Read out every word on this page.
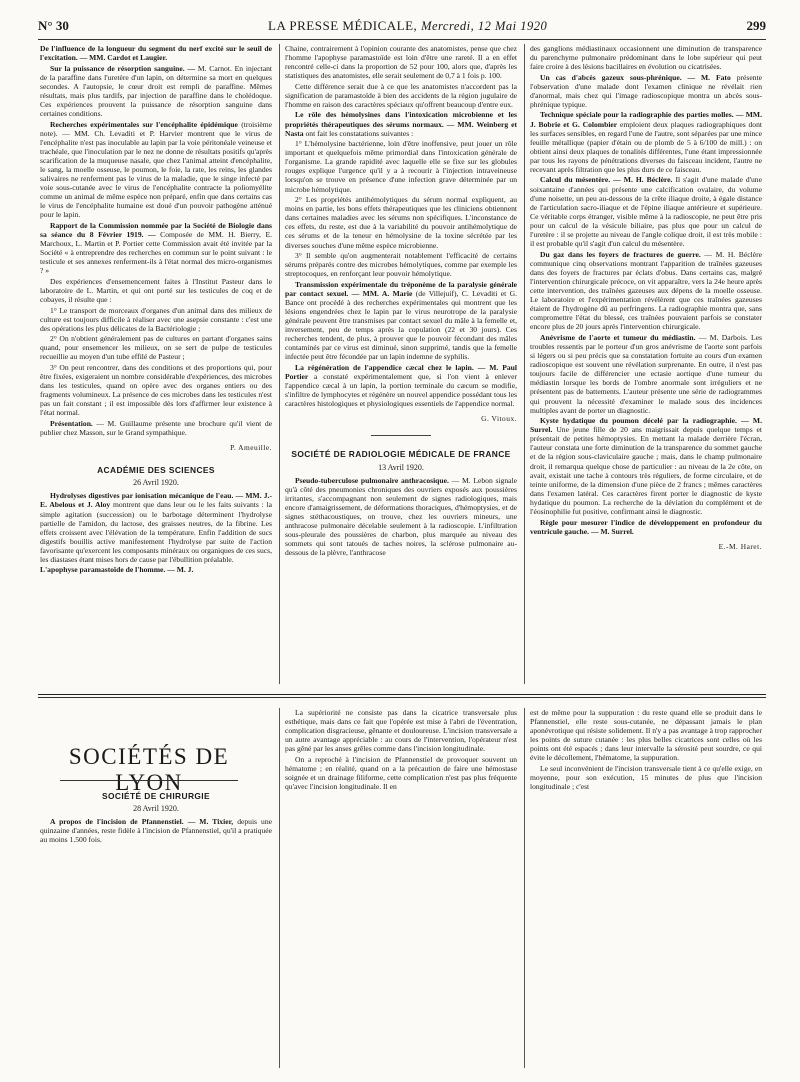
N° 30	LA PRESSE MÉDICALE, Mercredi, 12 Mai 1920	299

De l'influence de la longueur du segment du nerf excité sur le seuil de l'excitation. — MM. Cardot et Laugier.

Sur la puissance de résorption sanguine. — M. Carnot. En injectant de la paraffine dans l'uretère d'un lapin, on détermine sa mort en quelques secondes. A l'autopsie, le cœur droit est rempli de paraffine. Mêmes résultats, mais plus tardifs, par injection de paraffine dans le cholédoque. Ces expériences prouvent la puissance de résorption sanguine dans certaines conditions.

Recherches expérimentales sur l'encéphalite épidémique (troisième note). — MM. Ch. Levaditi et P. Harvier montrent que le virus de l'encéphalite n'est pas inoculable au lapin par la voie péritonéale veineuse et trachéale, que l'inoculation par le nez ne donne de résultats positifs qu'après scarification de la muqueuse nasale, que chez l'animal atteint d'encéphalite, le sang, la moelle osseuse, le poumon, le foie, la rate, les reins, les glandes salivaires ne renferment pas le virus de la maladie, que le singe infecté par voie sous-cutanée avec le virus de l'encéphalite contracte la poliomyélite comme un animal de même espèce non préparé, enfin que dans certains cas le virus de l'encéphalite humaine est doué d'un pouvoir pathogène atténué pour le lapin.

Rapport de la Commission nommée par la Société de Biologie dans sa séance du 8 Février 1919. — Composée de MM. H. Bierry, E. Marchoux, L. Martin et P. Portier cette Commission avait été invitée par la Société « à entreprendre des recherches en commun sur le point suivant : le testicule et ses annexes renferment-ils à l'état normal des micro-organismes ? »

Des expériences d'ensemencement faites à l'Institut Pasteur dans le laboratoire de L. Martin, et qui ont porté sur les testicules de coq et de cobayes, il résulte que :

1° Le transport de morceaux d'organes d'un animal dans des milieux de culture est toujours difficile à réaliser avec une asepsie constante : c'est une des opérations les plus délicates de la Bactériologie ;

2° On n'obtient généralement pas de cultures en partant d'organes sains quand, pour ensemencer les milieux, on se sert de pulpe de testicules recueillie au moyen d'un tube effilé de Pasteur ;

3° On peut rencontrer, dans des conditions et des proportions qui, pour être fixées, exigeraient un nombre considérable d'expériences, des microbes dans les testicules, quand on opère avec des organes entiers ou des fragments volumineux. La présence de ces microbes dans les testicules n'est pas un fait constant ; il est impossible dès lors d'affirmer leur existence à l'état normal.

Présentation. — M. Guillaume présente une brochure qu'il vient de publier chez Masson, sur le Grand sympathique.

P. Ameuille.

ACADÉMIE DES SCIENCES

26 Avril 1920.

Hydrolyses digestives par ionisation mécanique de l'eau. — MM. J.-E. Abelous et J. Aloy montrent que dans leur ou le les faits suivants : la simple agitation (succession) ou le barbotage déterminent l'hydrolyse partielle de l'amidon, du lactose, des graisses neutres, de la fibrine. Les effets croissent avec l'élévation de la température. Enfin l'addition de sucs digestifs bouillis active manifestement l'hydrolyse par suite de l'action favorisante qu'exercent les composants minéraux ou organiques de ces sucs, les diastases étant mises hors de cause par l'ébullition préalable.

L'apophyse paramastoïde de l'homme. — M. J.

Chaine, contrairement à l'opinion courante des anatomistes, pense que chez l'homme l'apophyse paramastoïde est loin d'être une rareté. Il a en effet rencontré celle-ci dans la proportion de 52 pour 100, alors que, d'après les statistiques des anatomistes, elle serait seulement de 0,7 à 1 fois p. 100.

Cette différence serait due à ce que les anatomistes n'accordent pas la signification de paramastoïde à bien des accidents de la région jugulaire de l'homme en raison des caractères spéciaux qu'offrent beaucoup d'entre eux.

Le rôle des hémolysines dans l'intoxication microbienne et les propriétés thérapeutiques des sérums normaux. — MM. Weinberg et Nasta ont fait les constatations suivantes :

1° L'hémolysine bactérienne, loin d'être inoffensive, peut jouer un rôle important et quelquefois même primordial dans l'intoxication générale de l'organisme. La grande rapidité avec laquelle elle se fixe sur les globules rouges explique l'urgence qu'il y a à recourir à l'injection intraveineuse lorsqu'on se trouve en présence d'une infection grave déterminée par un microbe hémolytique.

2° Les propriétés antihémolytiques du sérum normal expliquent, au moins en partie, les bons effets thérapeutiques que les cliniciens obtiennent dans certaines maladies avec les sérums non spécifiques. L'inconstance de ces effets, du reste, est due à la variabilité du pouvoir antihémolytique de ces sérums et de la teneur en hémolysine de la toxine sécrétée par les diverses souches d'une même espèce microbienne.

3° Il semble qu'on augmenterait notablement l'efficacité de certains sérums préparés contre des microbes hémolytiques, comme par exemple les streptocoques, en renforçant leur pouvoir hémolytique.

Transmission expérimentale du tréponème de la paralysie générale par contact sexuel. — MM. A. Marie (de Villejuif), C. Levaditi et G. Bance ont procédé à des recherches expérimentales qui montrent que les lésions engendrées chez le lapin par le virus neurotrope de la paralysie générale peuvent être transmises par contact sexuel du mâle à la femelle et, inversement, peu de temps après la copulation (22 et 30 jours). Ces recherches tendent, de plus, à prouver que le pouvoir fécondant des mâles contaminés par ce virus est diminué, sinon supprimé, tandis que la femelle infectée peut être fécondée par un lapin indemne de syphilis.

La régénération de l'appendice cæcal chez le lapin. — M. Paul Portier a constaté expérimentalement que, si l'on vient à enlever l'appendice cæcal à un lapin, la portion terminale du cæcum se modifie, s'infiltre de lymphocytes et régénère un nouvel appendice possédant tous les caractères histologiques et physiologiques essentiels de l'appendice normal.

G. Vitoux.

SOCIÉTÉ DE RADIOLOGIE MÉDICALE DE FRANCE

13 Avril 1920.

Pseudo-tuberculose pulmonaire anthracosique. — M. Lebon signale qu'à côté des pneumonies chroniques des ouvriers exposés aux poussières irritantes, s'accompagnant non seulement de signes radiologiques, mais encore d'amaigrissement, de déformations thoraciques, d'hémoptysies, et de signes stéthacoustiques, on trouve, chez les ouvriers mineurs, une anthracose pulmonaire décelable seulement à la radioscopie. L'infiltration sous-pleurale des poussières de charbon, plus marquée au niveau des sommets qui sont tatoués de taches noires, la sclérose pulmonaire au-dessous de la plèvre, l'anthracose

des ganglions médiastinaux occasionnent une diminution de transparence du parenchyme pulmonaire prédominant dans le lobe supérieur qui peut faire croire à des lésions bacillaires en évolution ou cicatrisées.

Un cas d'abcès gazeux sous-phrénique. — M. Fato présente l'observation d'une malade dont l'examen clinique ne révélait rien d'anormal, mais chez qui l'image radioscopique montra un abcès sous-phrénique typique.

Technique spéciale pour la radiographie des parties molles. — MM. J. Bobrie et G. Colombier emploient deux plaques radiographiques dont les surfaces sensibles, en regard l'une de l'autre, sont séparées par une mince feuille métallique (papier d'étain ou de plomb de 5 à 6/100 de mill.) : on obtient ainsi deux plaques de tonalités différentes, l'une étant impressionnée par tous les rayons de pénétrations diverses du faisceau incident, l'autre ne recevant après filtration que les plus durs de ce faisceau.

Calcul du mésentère. — M. H. Béclère. Il s'agit d'une malade d'une soixantaine d'années qui présente une calcification ovalaire, du volume d'une noisette, un peu au-dessous de la crête iliaque droite, à égale distance de l'articulation sacro-iliaque et de l'épine iliaque antérieure et supérieure. Ce véritable corps étranger, visible même à la radioscopie, ne peut être pris pour un calcul de la vésicule biliaire, pas plus que pour un calcul de l'uretère : il se projette au niveau de l'angle colique droit, il est très mobile : il est probable qu'il s'agit d'un calcul du mésentère.

Du gaz dans les foyers de fractures de guerre. — M. H. Béclère communique cinq observations montrant l'apparition de traînées gazeuses dans des foyers de fractures par éclats d'obus. Dans certains cas, malgré l'intervention chirurgicale précoce, on vit apparaître, vers la 24e heure après cette intervention, des traînées gazeuses aux dépens de la moelle osseuse. Le laboratoire et l'expérimentation révélèrent que ces traînées gazeuses étaient de l'hydrogène dû au perfringens. La radiographie montra que, sans compromettre l'état du blessé, ces traînées pouvaient parfois se constater encore plus de 20 jours après l'intervention chirurgicale.

Anévrisme de l'aorte et tumeur du médiastin. — M. Darbois. Les troubles ressentis par le porteur d'un gros anévrisme de l'aorte sont parfois si légers ou si peu précis que sa constatation fortuite au cours d'un examen radioscopique est souvent une révélation surprenante. En outre, il n'est pas toujours facile de différencier une ectasie aortique d'une tumeur du médiastin lorsque les bords de l'ombre anormale sont irréguliers et ne présentent pas de battements. L'auteur présente une série de radiogrammes qui prouvent la nécessité d'examiner le malade sous des incidences multiples avant de porter un diagnostic.

Kyste hydatique du poumon décelé par la radiographie. — M. Surrel. Une jeune fille de 20 ans maigrissait depuis quelque temps et présentait de petites hémoptysies. En mettant la malade derrière l'écran, l'auteur constata une forte diminution de la transparence du sommet gauche et de la région sous-claviculaire gauche ; mais, dans le champ pulmonaire droit, il remarqua quelque chose de particulier : au niveau de la 2e côte, on avait, existait une tache à contours très réguliers, de forme circulaire, et de teinte uniforme, de la dimension d'une pièce de 2 francs ; mêmes caractères dans l'examen latéral. Ces caractères firent porter le diagnostic de kyste hydatique du poumon. La recherche de la déviation du complément et de l'éosinophilie fut positive, confirmant ainsi le diagnostic.

Règle pour mesurer l'indice de développement en profondeur du ventricule gauche. — M. Surrel.

E.-M. Haret.

SOCIÉTÉS DE LYON

SOCIÉTÉ DE CHIRURGIE

28 Avril 1920.

A propos de l'incision de Pfannenstiel. — M. Tixier, depuis une quinzaine d'années, reste fidèle à l'incision de Pfannenstiel, qu'il a pratiquée au moins 1.500 fois.

La supériorité ne consiste pas dans la cicatrice transversale plus esthétique, mais dans ce fait que l'opérée est mise à l'abri de l'éventration, complication disgracieuse, gênante et douloureuse. L'incision transversale a un autre avantage appréciable : au cours de l'intervention, l'opérateur n'est pas gêné par les anses grêles comme dans l'incision longitudinale.

On a reproché à l'incision de Pfannenstiel de provoquer souvent un hématome ; en réalité, quand on a la précaution de faire une hémostase soignée et un drainage filiforme, cette complication n'est pas plus fréquente qu'avec l'incision longitudinale. Il en

est de même pour la suppuration : du reste quand elle se produit dans le Pfannenstiel, elle reste sous-cutanée, ne dépassant jamais le plan aponévrotique qui résiste solidement. Il n'y a pas avantage à trop rapprocher les points de suture cutanée : les plus belles cicatrices sont celles où les points ont été espacés ; dans leur intervalle la sérosité peut sourdre, ce qui évite le décollement, l'hématome, la suppuration.

Le seul inconvénient de l'incision transversale tient à ce qu'elle exige, en moyenne, pour son exécution, 15 minutes de plus que l'incision longitudinale ; c'est
